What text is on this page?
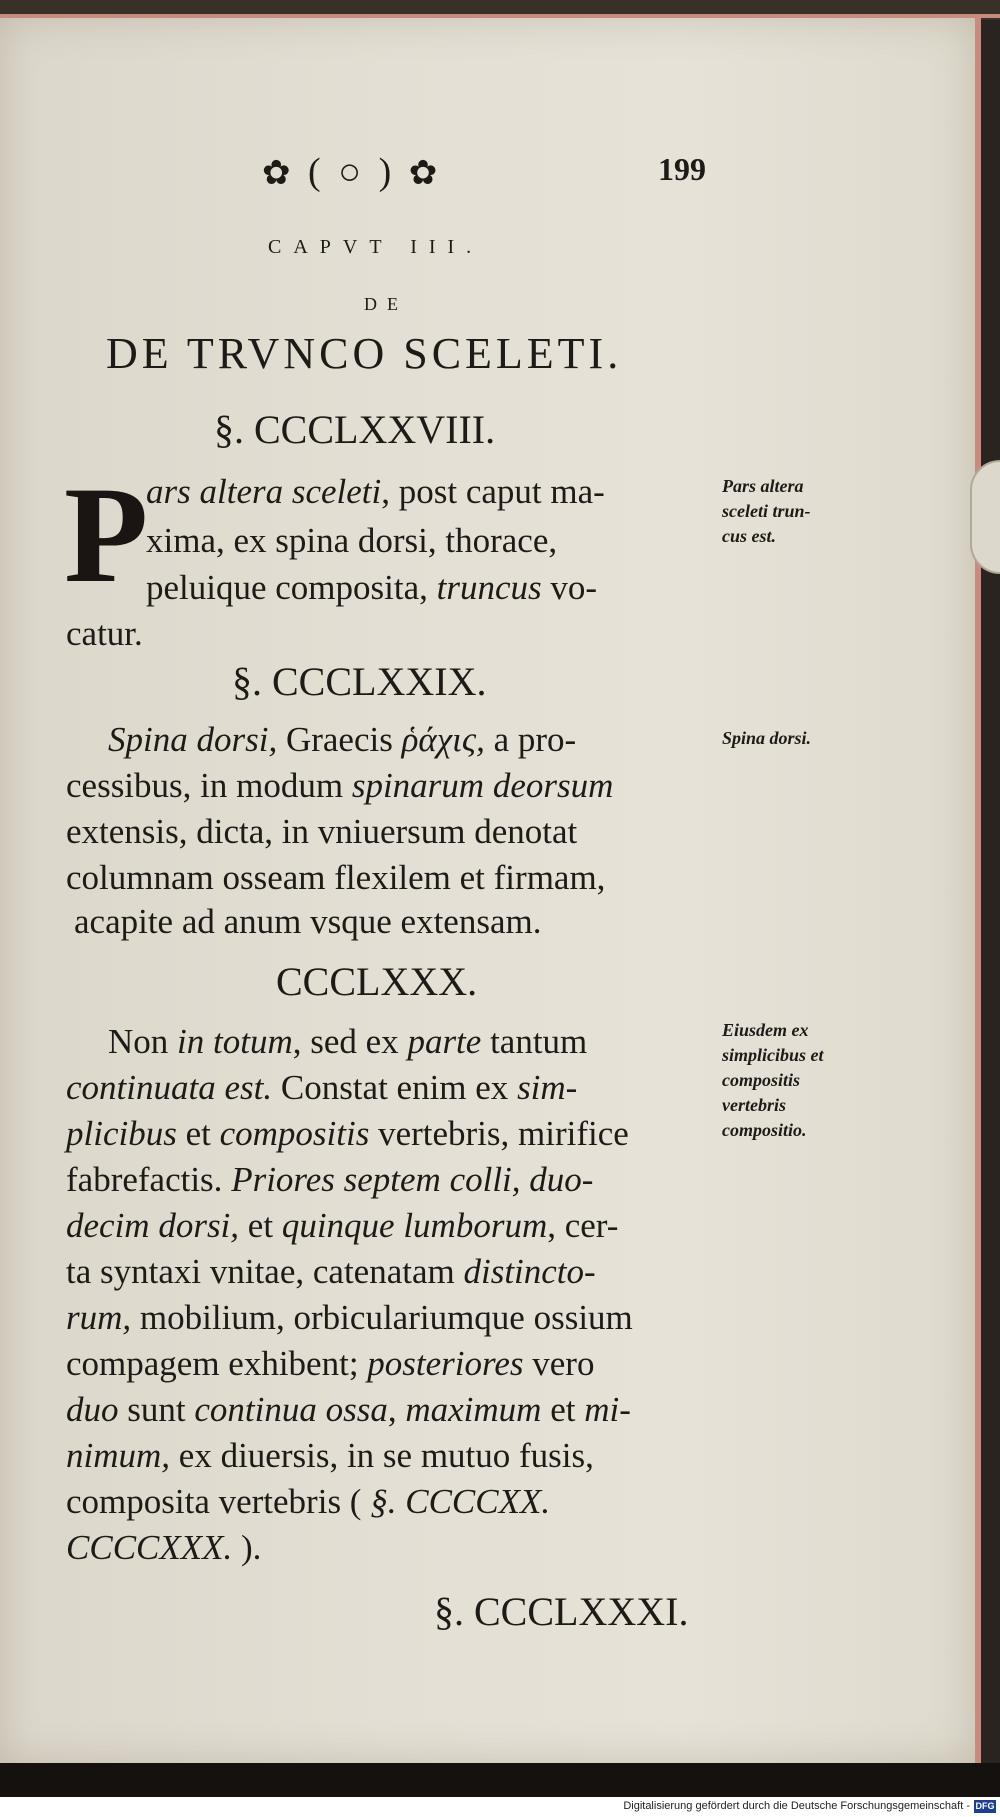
✿ ( ○ ) ✿	199
CAPVT III.
DE
DE TRVNCO SCELETI.
§. CCCLXXVIII.
P
ars altera sceleti, post caput ma-
xima, ex spina dorsi, thorace,
peluique composita, truncus vo-
catur.
Pars altera
sceleti trun-
cus est.
§. CCCLXXIX.
Spina dorsi, Graecis ῥάχις, a pro-
cessibus, in modum spinarum deorsum
extensis, dicta, in vniuersum denotat
columnam osseam flexilem et firmam,
acapite ad anum vsque extensam.
Spina dorsi.
CCCLXXX.
Non in totum, sed ex parte tantum
continuata est. Constat enim ex sim-
plicibus et compositis vertebris, mirifice
fabrefactis. Priores septem colli, duo-
decim dorsi, et quinque lumborum, cer-
ta syntaxi vnitae, catenatam distincto-
rum, mobilium, orbiculariumque ossium
compagem exhibent; posteriores vero
duo sunt continua ossa, maximum et mi-
nimum, ex diuersis, in se mutuo fusis,
composita vertebris ( §. CCCCXX.
CCCCXXX. ).
Eiusdem ex
simplicibus et
compositis
vertebris
compositio.
§. CCCLXXXI.
Digitalisierung gefördert durch die Deutsche Forschungsgemeinschaft - DFG
